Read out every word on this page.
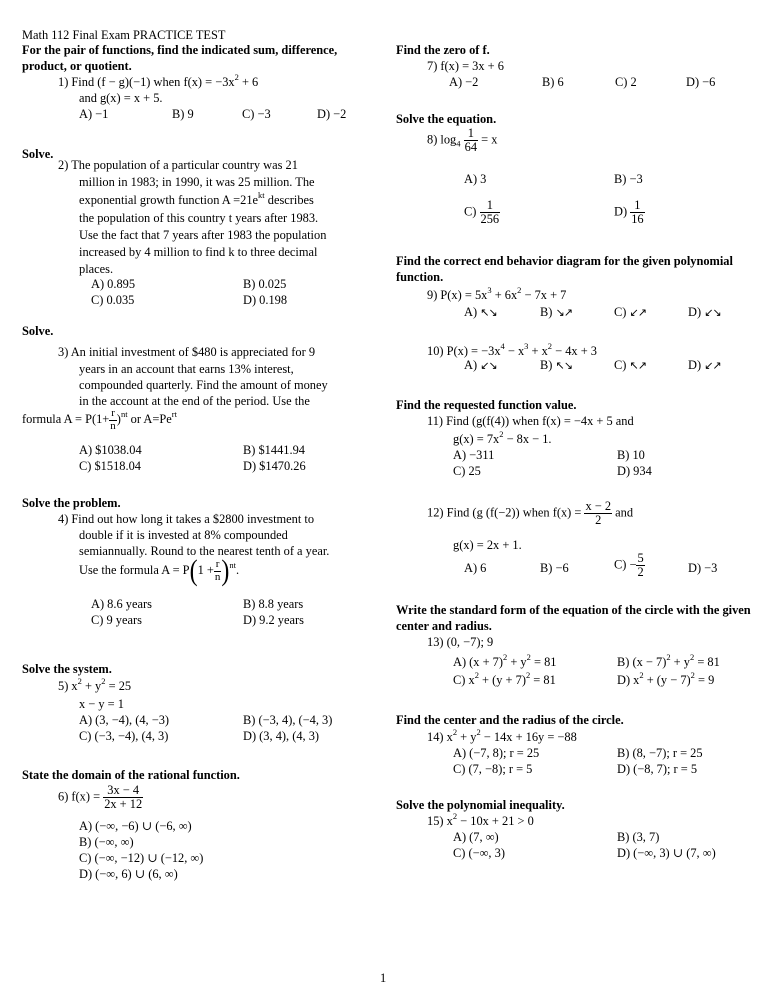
Math 112 Final Exam PRACTICE TEST
For the pair of functions, find the indicated sum, difference, product, or quotient.
1) Find (f − g)(−1) when $f(x) = -3x^2 + 6$
and g(x) = x + 5.
A) −1	B) 9	C) −3	D) −2
Solve.
2) The population of a particular country was 21
million in 1983; in 1990, it was 25 million. The
exponential growth function $A =21e^{kt}$ describes
the population of this country t years after 1983.
Use the fact that 7 years after 1983 the population
increased by 4 million to find k to three decimal
places.
A) 0.895	B) 0.025
C) 0.035	D) 0.198
Solve.
3) An initial investment of $480 is appreciated for 9
years in an account that earns 13% interest,
compounded quarterly. Find the amount of money
in the account at the end of the period. Use the
formula $A = P(1+ \frac{r}{n} )^{nt}$ or $A=Pe^{rt}$
A) $1038.04	B) $1441.94
C) $1518.04	D) $1470.26
Solve the problem.
4) Find out how long it takes a $2800 investment to
double if it is invested at 8% compounded
semiannually. Round to the nearest tenth of a year.
Use the formula $A = P(1 + \frac{r}{n} )^{nt}$.
A) 8.6 years	B) 8.8 years
C) 9 years	D) 9.2 years
Solve the system.
5) $x^2 + y^2 = 25$
x − y = 1
A) (3, −4), (4, −3)	B) (−3, 4), (−4, 3)
C) (−3, −4), (4, 3)	D) (3, 4), (4, 3)
State the domain of the rational function.
6) $f(x) = \frac{3x - 4}{2x + 12}$
A) (−∞, −6) ∪ (−6, ∞)
B) (−∞, ∞)
C) (−∞, −12) ∪ (−12, ∞)
D) (−∞, 6) ∪ (6, ∞)
Find the zero of f.
7) f(x) = 3x + 6
A) −2	B) 6	C) 2	D) −6
Solve the equation.
8) $\log_4 \frac{1}{64} = x$
A) 3	B) −3
$C) \frac{1}{256}$	$D) \frac{1}{16}$
Find the correct end behavior diagram for the given polynomial function.
9) $P(x) = 5x^3 + 6x^2 - 7x + 7$
A) ↖↘	B) ↘↗	C) ↙↗	D) ↙↘
10) $P(x) = -3x^4 - x^3 + x^2 - 4x + 3$
A) ↙↘	B) ↖↘	C) ↖↗	D) ↙↗
Find the requested function value.
11) Find (g(f(4)) when f(x) = −4x + 5 and
$g(x) = 7x^2 - 8x - 1$.
A) −311	B) 10
C) 25	D) 934
12) Find (g (f(−2)) when $f(x) = \frac{x - 2}{2}$ and
g(x) = 2x + 1.
A) 6	B) −6	$C) - \frac{5}{2}$	D) −3
Write the standard form of the equation of the circle with the given center and radius.
13) (0, −7); 9
A) $(x + 7)^2 + y^2 = 81$	B) $(x - 7)^2 + y^2 = 81$
C) $x^2 + (y + 7)^2 = 81$	D) $x^2 + (y - 7)^2 = 9$
Find the center and the radius of the circle.
14) $x^2 + y^2 - 14x + 16y = -88$
A) (−7, 8); r = 25	B) (8, −7); r = 25
C) (7, −8); r = 5	D) (−8, 7); r = 5
Solve the polynomial inequality.
15) $x^2 - 10x + 21 > 0$
A) (7, ∞)	B) (3, 7)
C) (−∞, 3)	D) (−∞, 3) ∪ (7, ∞)
1
